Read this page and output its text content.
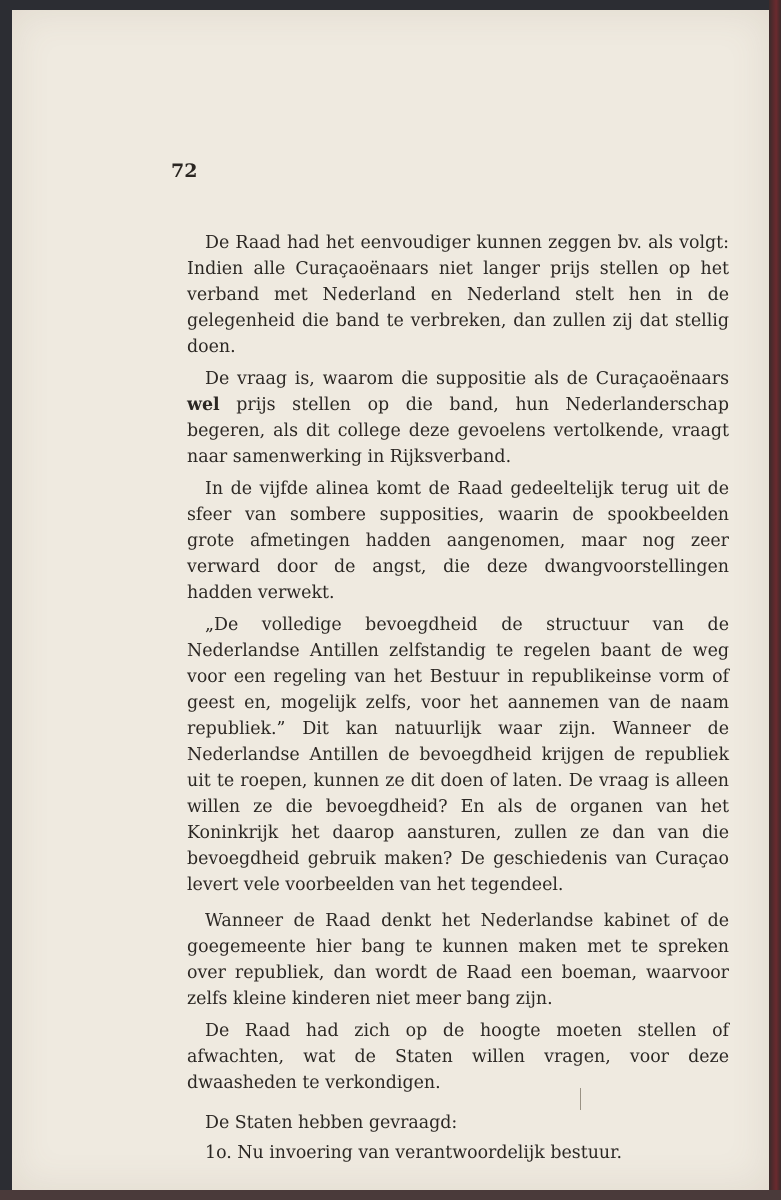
72

De Raad had het eenvoudiger kunnen zeggen bv. als volgt: Indien alle Curaçaoënaars niet langer prijs stellen op het verband met Nederland en Nederland stelt hen in de gelegenheid die band te verbreken, dan zullen zij dat stellig doen.

De vraag is, waarom die suppositie als de Curaçaoënaars wel prijs stellen op die band, hun Nederlanderschap begeren, als dit college deze gevoelens vertolkende, vraagt naar samenwerking in Rijksverband.

In de vijfde alinea komt de Raad gedeeltelijk terug uit de sfeer van sombere supposities, waarin de spookbeelden grote afmetingen hadden aangenomen, maar nog zeer verward door de angst, die deze dwangvoorstellingen hadden verwekt.

„De volledige bevoegdheid de structuur van de Nederlandse Antillen zelfstandig te regelen baant de weg voor een regeling van het Bestuur in republikeinse vorm of geest en, mogelijk zelfs, voor het aannemen van de naam republiek.” Dit kan natuurlijk waar zijn. Wanneer de Nederlandse Antillen de bevoegdheid krijgen de republiek uit te roepen, kunnen ze dit doen of laten. De vraag is alleen willen ze die bevoegdheid? En als de organen van het Koninkrijk het daarop aansturen, zullen ze dan van die bevoegdheid gebruik maken? De geschiedenis van Curaçao levert vele voorbeelden van het tegendeel.

Wanneer de Raad denkt het Nederlandse kabinet of de goegemeente hier bang te kunnen maken met te spreken over republiek, dan wordt de Raad een boeman, waarvoor zelfs kleine kinderen niet meer bang zijn.

De Raad had zich op de hoogte moeten stellen of afwachten, wat de Staten willen vragen, voor deze dwaasheden te verkondigen.

De Staten hebben gevraagd:

1o. Nu invoering van verantwoordelijk bestuur.
